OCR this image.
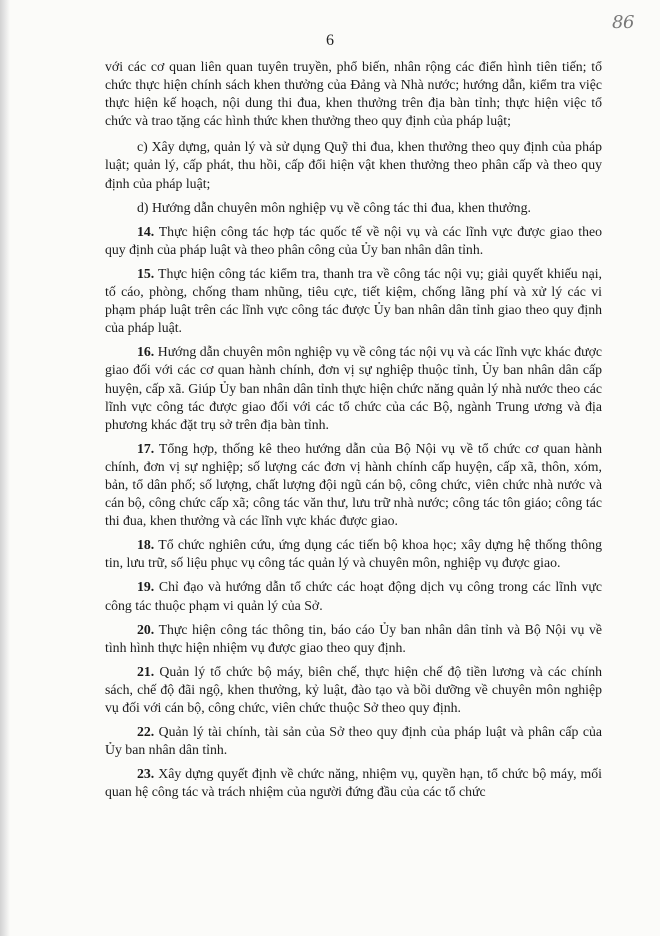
86
6

với các cơ quan liên quan tuyên truyền, phổ biến, nhân rộng các điển hình tiên tiến; tổ chức thực hiện chính sách khen thưởng của Đảng và Nhà nước; hướng dẫn, kiểm tra việc thực hiện kế hoạch, nội dung thi đua, khen thưởng trên địa bàn tỉnh; thực hiện việc tổ chức và trao tặng các hình thức khen thưởng theo quy định của pháp luật;

c) Xây dựng, quản lý và sử dụng Quỹ thi đua, khen thưởng theo quy định của pháp luật; quản lý, cấp phát, thu hồi, cấp đổi hiện vật khen thưởng theo phân cấp và theo quy định của pháp luật;

d) Hướng dẫn chuyên môn nghiệp vụ về công tác thi đua, khen thưởng.

14. Thực hiện công tác hợp tác quốc tế về nội vụ và các lĩnh vực được giao theo quy định của pháp luật và theo phân công của Ủy ban nhân dân tỉnh.

15. Thực hiện công tác kiểm tra, thanh tra về công tác nội vụ; giải quyết khiếu nại, tố cáo, phòng, chống tham nhũng, tiêu cực, tiết kiệm, chống lãng phí và xử lý các vi phạm pháp luật trên các lĩnh vực công tác được Ủy ban nhân dân tỉnh giao theo quy định của pháp luật.

16. Hướng dẫn chuyên môn nghiệp vụ về công tác nội vụ và các lĩnh vực khác được giao đối với các cơ quan hành chính, đơn vị sự nghiệp thuộc tỉnh, Ủy ban nhân dân cấp huyện, cấp xã. Giúp Ủy ban nhân dân tỉnh thực hiện chức năng quản lý nhà nước theo các lĩnh vực công tác được giao đối với các tổ chức của các Bộ, ngành Trung ương và địa phương khác đặt trụ sở trên địa bàn tỉnh.

17. Tổng hợp, thống kê theo hướng dẫn của Bộ Nội vụ về tổ chức cơ quan hành chính, đơn vị sự nghiệp; số lượng các đơn vị hành chính cấp huyện, cấp xã, thôn, xóm, bản, tổ dân phố; số lượng, chất lượng đội ngũ cán bộ, công chức, viên chức nhà nước và cán bộ, công chức cấp xã; công tác văn thư, lưu trữ nhà nước; công tác tôn giáo; công tác thi đua, khen thưởng và các lĩnh vực khác được giao.

18. Tổ chức nghiên cứu, ứng dụng các tiến bộ khoa học; xây dựng hệ thống thông tin, lưu trữ, số liệu phục vụ công tác quản lý và chuyên môn, nghiệp vụ được giao.

19. Chỉ đạo và hướng dẫn tổ chức các hoạt động dịch vụ công trong các lĩnh vực công tác thuộc phạm vi quản lý của Sở.

20. Thực hiện công tác thông tin, báo cáo Ủy ban nhân dân tỉnh và Bộ Nội vụ về tình hình thực hiện nhiệm vụ được giao theo quy định.

21. Quản lý tổ chức bộ máy, biên chế, thực hiện chế độ tiền lương và các chính sách, chế độ đãi ngộ, khen thưởng, kỷ luật, đào tạo và bồi dưỡng về chuyên môn nghiệp vụ đối với cán bộ, công chức, viên chức thuộc Sở theo quy định.

22. Quản lý tài chính, tài sản của Sở theo quy định của pháp luật và phân cấp của Ủy ban nhân dân tỉnh.

23. Xây dựng quyết định về chức năng, nhiệm vụ, quyền hạn, tổ chức bộ máy, mối quan hệ công tác và trách nhiệm của người đứng đầu của các tổ chức
